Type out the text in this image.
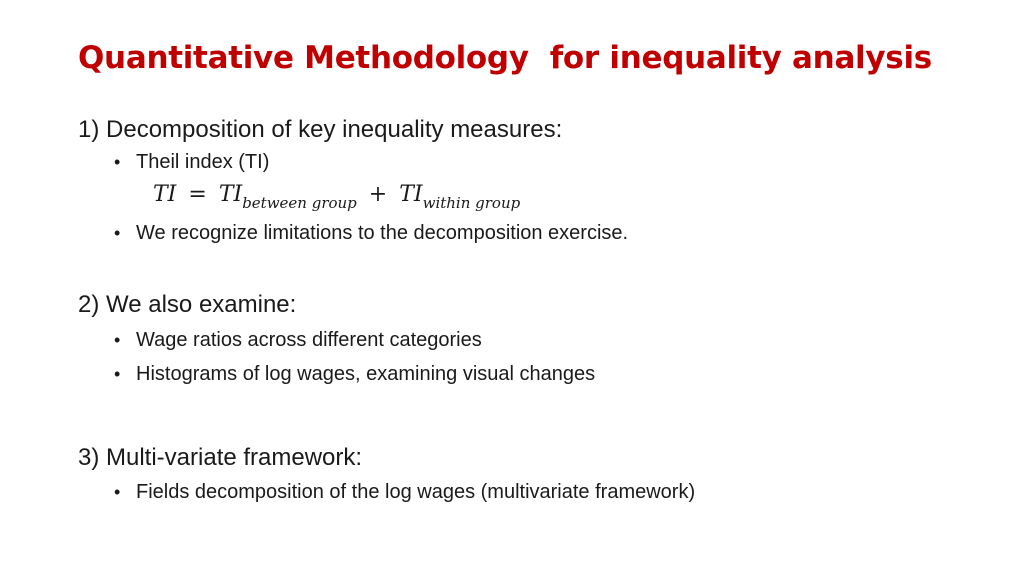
Quantitative Methodology  for inequality analysis
1) Decomposition of key inequality measures:
• Theil index (TI)
TI = $TI_{between group} + TI_{within group}$
• We recognize limitations to the decomposition exercise.
2) We also examine:
• Wage ratios across different categories
• Histograms of log wages, examining visual changes
3) Multi-variate framework:
• Fields decomposition of the log wages (multivariate framework)
